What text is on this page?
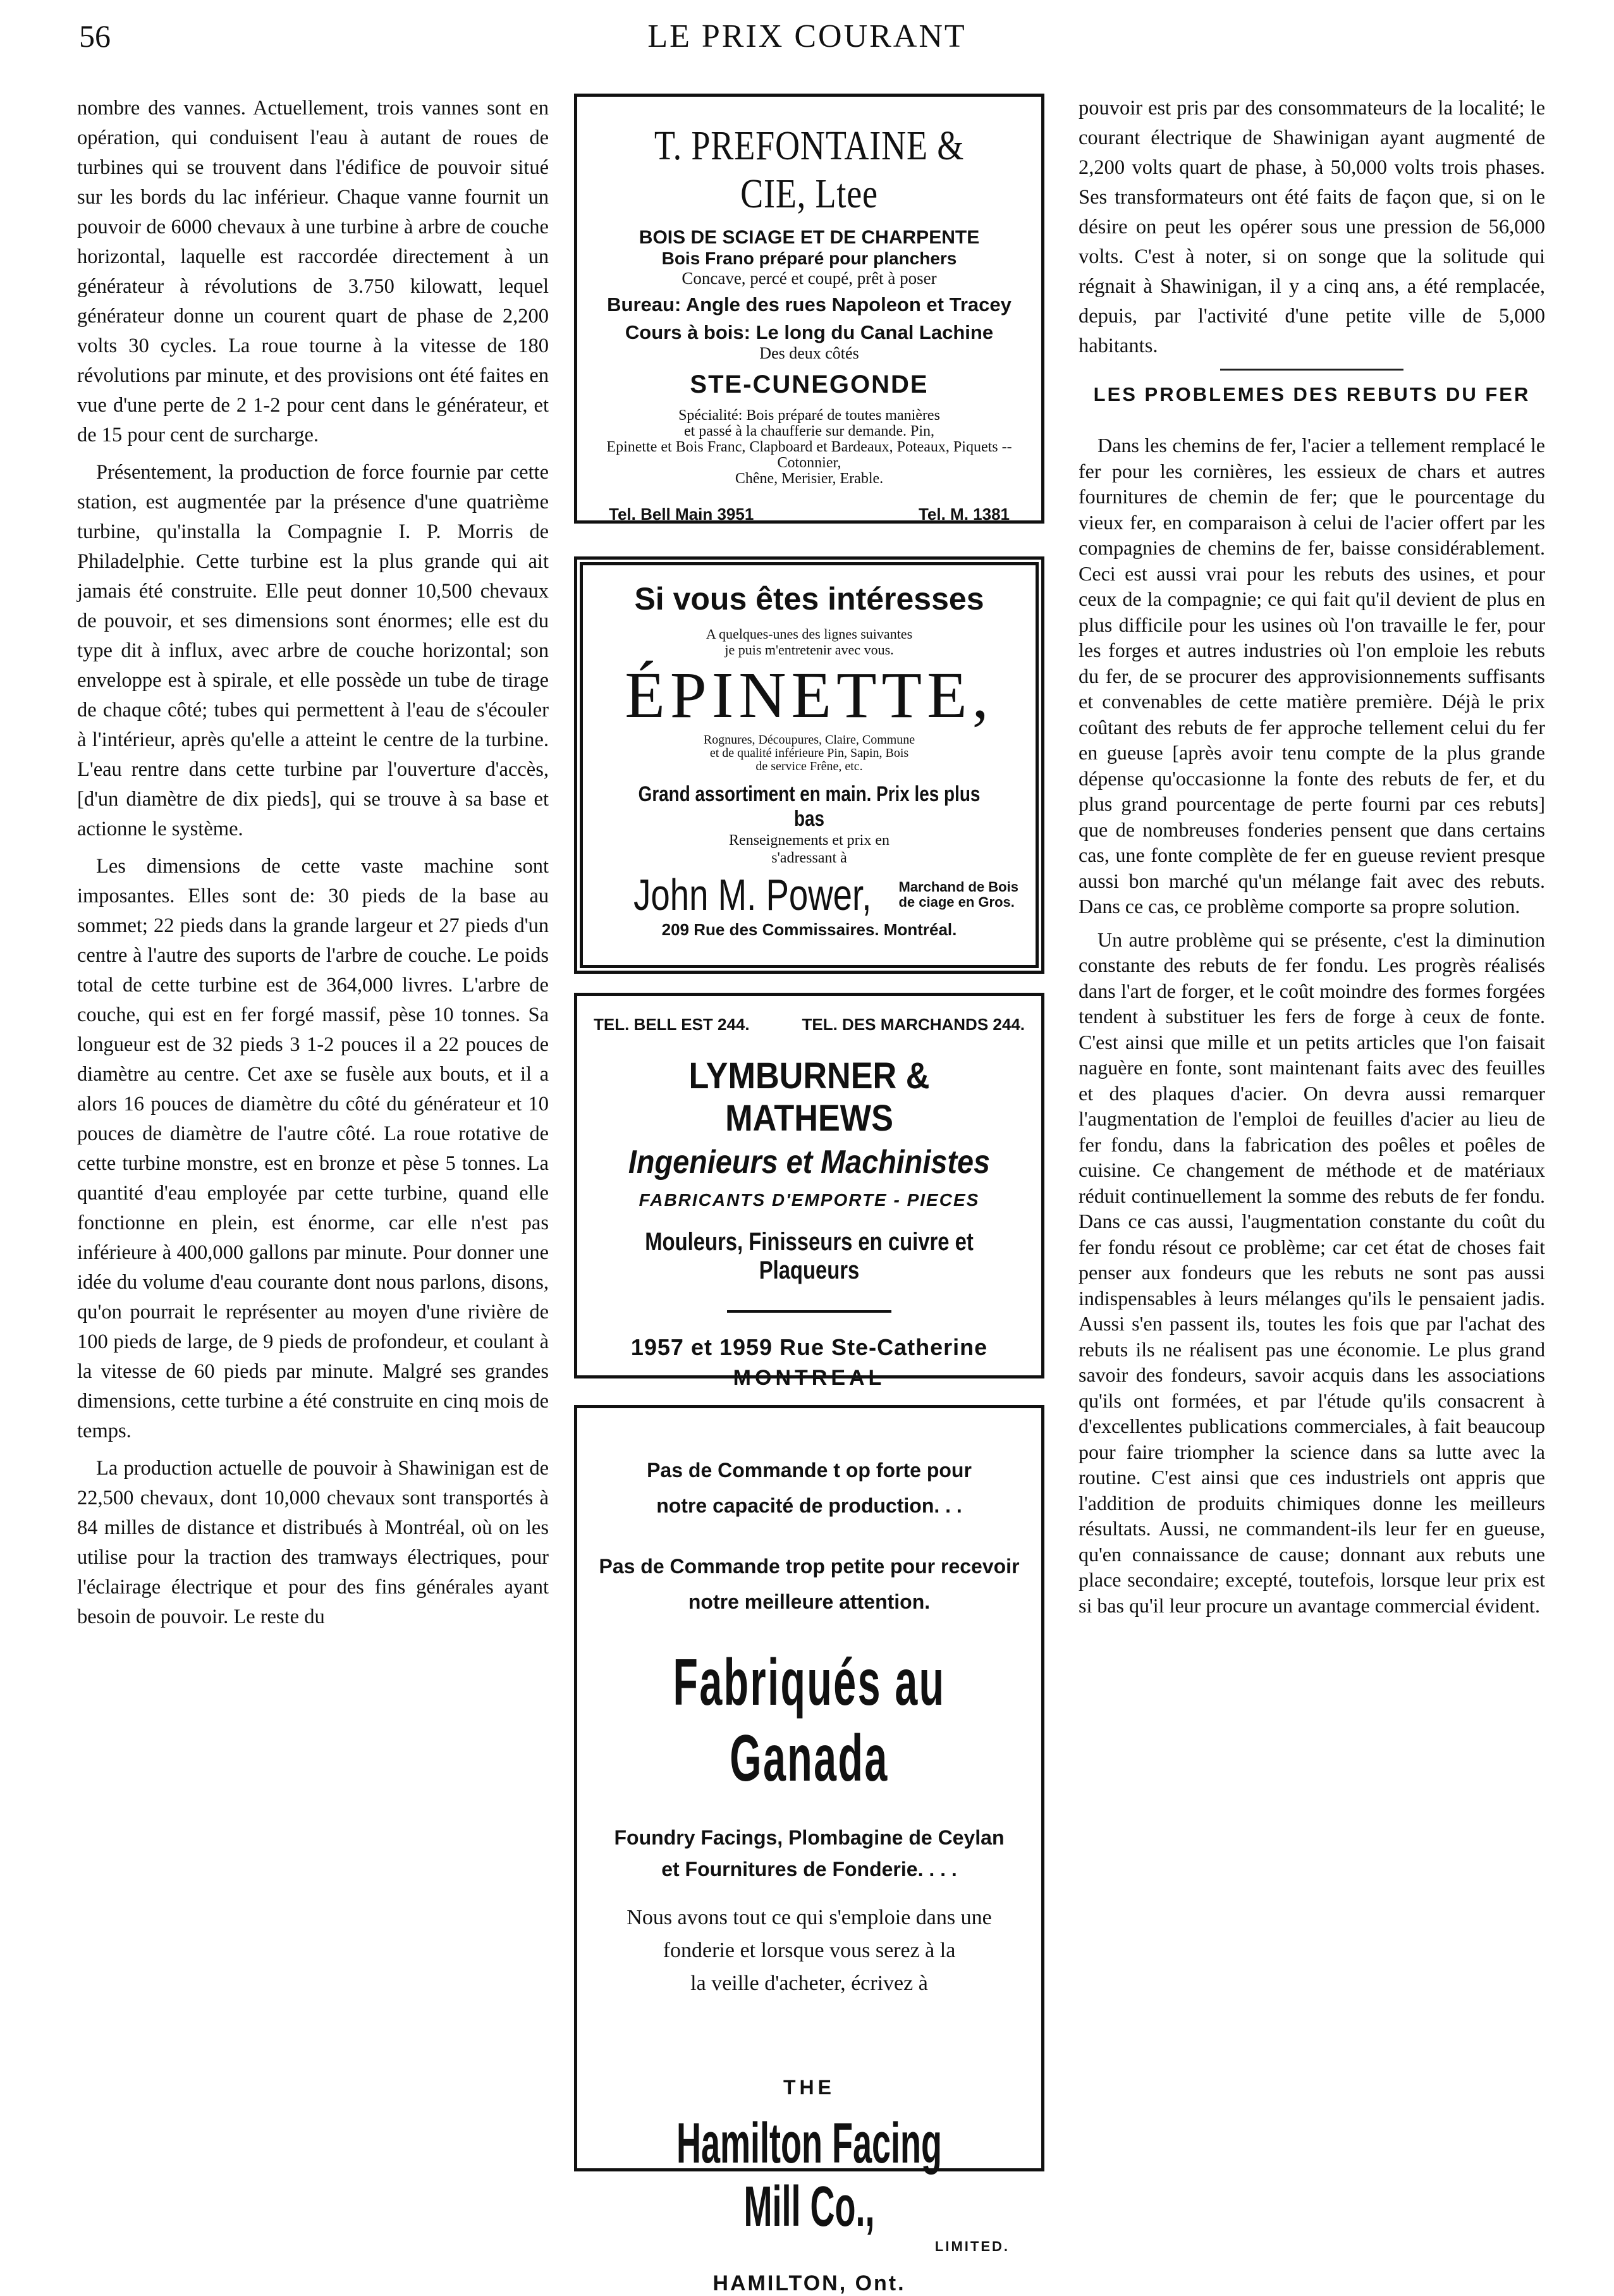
56	LE PRIX COURANT

nombre des vannes. Actuellement, trois vannes sont en opération, qui conduisent l'eau à autant de roues de turbines qui se trouvent dans l'édifice de pouvoir situé sur les bords du lac inférieur. Chaque vanne fournit un pouvoir de 6000 chevaux à une turbine à arbre de couche horizontal, laquelle est raccordée directement à un générateur à révolutions de 3.750 kilowatt, lequel générateur donne un courent quart de phase de 2,200 volts 30 cycles. La roue tourne à la vitesse de 180 révolutions par minute, et des provisions ont été faites en vue d'une perte de 2 1-2 pour cent dans le générateur, et de 15 pour cent de surcharge.

Présentement, la production de force fournie par cette station, est augmentée par la présence d'une quatrième turbine, qu'installa la Compagnie I. P. Morris de Philadelphie. Cette turbine est la plus grande qui ait jamais été construite. Elle peut donner 10,500 chevaux de pouvoir, et ses dimensions sont énormes; elle est du type dit à influx, avec arbre de couche horizontal; son enveloppe est à spirale, et elle possède un tube de tirage de chaque côté; tubes qui permettent à l'eau de s'écouler à l'intérieur, après qu'elle a atteint le centre de la turbine. L'eau rentre dans cette turbine par l'ouverture d'accès, [d'un diamètre de dix pieds], qui se trouve à sa base et actionne le système.

Les dimensions de cette vaste machine sont imposantes. Elles sont de: 30 pieds de la base au sommet; 22 pieds dans la grande largeur et 27 pieds d'un centre à l'autre des suports de l'arbre de couche. Le poids total de cette turbine est de 364,000 livres. L'arbre de couche, qui est en fer forgé massif, pèse 10 tonnes. Sa longueur est de 32 pieds 3 1-2 pouces il a 22 pouces de diamètre au centre. Cet axe se fusèle aux bouts, et il a alors 16 pouces de diamètre du côté du générateur et 10 pouces de diamètre de l'autre côté. La roue rotative de cette turbine monstre, est en bronze et pèse 5 tonnes. La quantité d'eau employée par cette turbine, quand elle fonctionne en plein, est énorme, car elle n'est pas inférieure à 400,000 gallons par minute. Pour donner une idée du volume d'eau courante dont nous parlons, disons, qu'on pourrait le représenter au moyen d'une rivière de 100 pieds de large, de 9 pieds de profondeur, et coulant à la vitesse de 60 pieds par minute. Malgré ses grandes dimensions, cette turbine a été construite en cinq mois de temps.

La production actuelle de pouvoir à Shawinigan est de 22,500 chevaux, dont 10,000 chevaux sont transportés à 84 milles de distance et distribués à Montréal, où on les utilise pour la traction des tramways électriques, pour l'éclairage électrique et pour des fins générales ayant besoin de pouvoir. Le reste du

T. PREFONTAINE & CIE, Ltee
BOIS DE SCIAGE ET DE CHARPENTE
Bois Frano préparé pour planchers
Concave, percé et coupé, prêt à poser
Bureau: Angle des rues Napoleon et Tracey
Cours à bois: Le long du Canal Lachine
Des deux côtés
STE-CUNEGONDE
Spécialité: Bois préparé de toutes manières
et passé à la chaufferie sur demande. Pin,
Epinette et Bois Franc, Clapboard et Bardeaux, Poteaux, Piquets -- Cotonnier,
Chêne, Merisier, Erable.
Tel. Bell Main 3951	Tel. M. 1381
Si vous êtes intéresses
A quelques-unes des lignes suivantes
je puis m'entretenir avec vous.
ÉPINETTE,
Rognures, Découpures, Claire, Commune
et de qualité inférieure Pin, Sapin, Bois
de service Frêne, etc.
Grand assortiment en main. Prix les plus bas
Renseignements et prix en
s'adressant à
John M. Power, Marchand de Bois
de ciage en Gros.
209 Rue des Commissaires. Montréal.
TEL. BELL EST 244.	TEL. DES MARCHANDS 244.
LYMBURNER & MATHEWS
Ingenieurs et Machinistes
FABRICANTS D'EMPORTE - PIECES
Mouleurs, Finisseurs en cuivre et Plaqueurs
1957 et 1959 Rue Ste-Catherine
MONTREAL
Pas de Commande t op forte pour
notre capacité de production. . .
Pas de Commande trop petite pour recevoir
notre meilleure attention.
Fabriqués au Ganada
Foundry Facings, Plombagine de Ceylan
et Fournitures de Fonderie. . . .
Nous avons tout ce qui s'emploie dans une
fonderie et lorsque vous serez à la
la veille d'acheter, écrivez à
THE
Hamilton Facing Mill Co.,
LIMITED.
HAMILTON, Ont.

pouvoir est pris par des consommateurs de la localité; le courant électrique de Shawinigan ayant augmenté de 2,200 volts quart de phase, à 50,000 volts trois phases. Ses transformateurs ont été faits de façon que, si on le désire on peut les opérer sous une pression de 56,000 volts. C'est à noter, si on songe que la solitude qui régnait à Shawinigan, il y a cinq ans, a été remplacée, depuis, par l'activité d'une petite ville de 5,000 habitants.

LES PROBLEMES DES REBUTS DU FER

Dans les chemins de fer, l'acier a tellement remplacé le fer pour les cornières, les essieux de chars et autres fournitures de chemin de fer; que le pourcentage du vieux fer, en comparaison à celui de l'acier offert par les compagnies de chemins de fer, baisse considérablement. Ceci est aussi vrai pour les rebuts des usines, et pour ceux de la compagnie; ce qui fait qu'il devient de plus en plus difficile pour les usines où l'on travaille le fer, pour les forges et autres industries où l'on emploie les rebuts du fer, de se procurer des approvisionnements suffisants et convenables de cette matière première. Déjà le prix coûtant des rebuts de fer approche tellement celui du fer en gueuse [après avoir tenu compte de la plus grande dépense qu'occasionne la fonte des rebuts de fer, et du plus grand pourcentage de perte fourni par ces rebuts] que de nombreuses fonderies pensent que dans certains cas, une fonte complète de fer en gueuse revient presque aussi bon marché qu'un mélange fait avec des rebuts. Dans ce cas, ce problème comporte sa propre solution.

Un autre problème qui se présente, c'est la diminution constante des rebuts de fer fondu. Les progrès réalisés dans l'art de forger, et le coût moindre des formes forgées tendent à substituer les fers de forge à ceux de fonte. C'est ainsi que mille et un petits articles que l'on faisait naguère en fonte, sont maintenant faits avec des feuilles et des plaques d'acier. On devra aussi remarquer l'augmentation de l'emploi de feuilles d'acier au lieu de fer fondu, dans la fabrication des poêles et poêles de cuisine. Ce changement de méthode et de matériaux réduit continuellement la somme des rebuts de fer fondu. Dans ce cas aussi, l'augmentation constante du coût du fer fondu résout ce problème; car cet état de choses fait penser aux fondeurs que les rebuts ne sont pas aussi indispensables à leurs mélanges qu'ils le pensaient jadis. Aussi s'en passent ils, toutes les fois que par l'achat des rebuts ils ne réalisent pas une économie. Le plus grand savoir des fondeurs, savoir acquis dans les associations qu'ils ont formées, et par l'étude qu'ils consacrent à d'excellentes publications commerciales, à fait beaucoup pour faire triompher la science dans sa lutte avec la routine. C'est ainsi que ces industriels ont appris que l'addition de produits chimiques donne les meilleurs résultats. Aussi, ne commandent-ils leur fer en gueuse, qu'en connaissance de cause; donnant aux rebuts une place secondaire; excepté, toutefois, lorsque leur prix est si bas qu'il leur procure un avantage commercial évident.
